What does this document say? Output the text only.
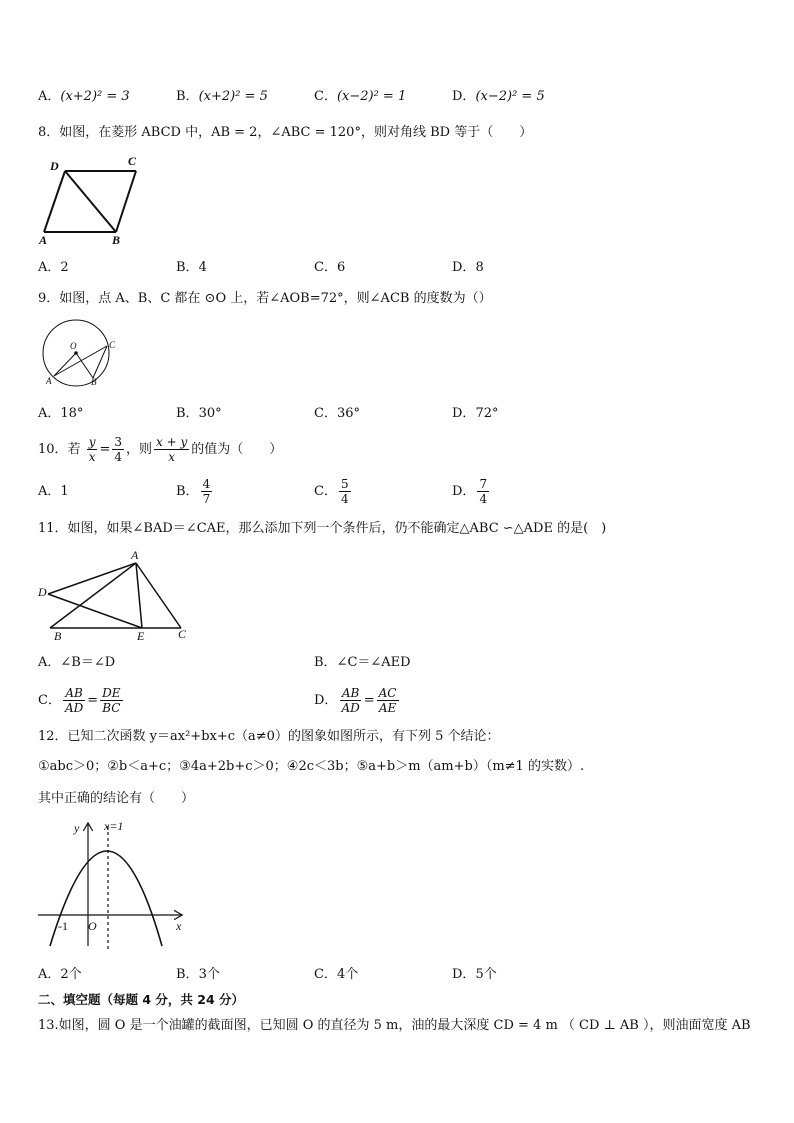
A．(x+2)² = 3	B．(x+2)² = 5	C．(x−2)² = 1	D．(x−2)² = 5
8．如图，在菱形 ABCD 中，AB = 2，∠ABC = 120°，则对角线 BD 等于（　　）
D	C
A	B
A．2	B．4	C．6	D．8
9．如图，点 A、B、C 都在 ⊙O 上，若∠AOB=72°，则∠ACB 的度数为（）
O	C
A	B
A．18°	B．30°	C．36°	D．72°
10．若 $\frac{y}{x} = \frac{3}{4}$ ，则 $\frac{x + y}{x}$ 的值为（　　）
A．1	B． $\frac{4}{7}$	C． $\frac{5}{4}$	D． $\frac{7}{4}$
11．如图，如果∠BAD＝∠CAE，那么添加下列一个条件后，仍不能确定△ABC ∽△ADE 的是(　)
A
D
B	E	C
A．∠B＝∠D	B．∠C＝∠AED
C． $\frac{AB}{AD} = \frac{DE}{BC}$	D． $\frac{AB}{AD} = \frac{AC}{AE}$
12．已知二次函数 y＝ax²+bx+c（a≠0）的图象如图所示，有下列 5 个结论：
①abc＞0；②b＜a+c；③4a+2b+c＞0；④2c＜3b；⑤a+b＞m（am+b）（m≠1 的实数）.
其中正确的结论有（　　）
y x=1
x
O
-1
A．2个	B．3个	C．4个	D．5个
二、填空题（每题 4 分，共 24 分）
13.如图，圆 O 是一个油罐的截面图，已知圆 O 的直径为 5 m，油的最大深度 CD = 4 m （ CD ⊥ AB ），则油面宽度 AB
